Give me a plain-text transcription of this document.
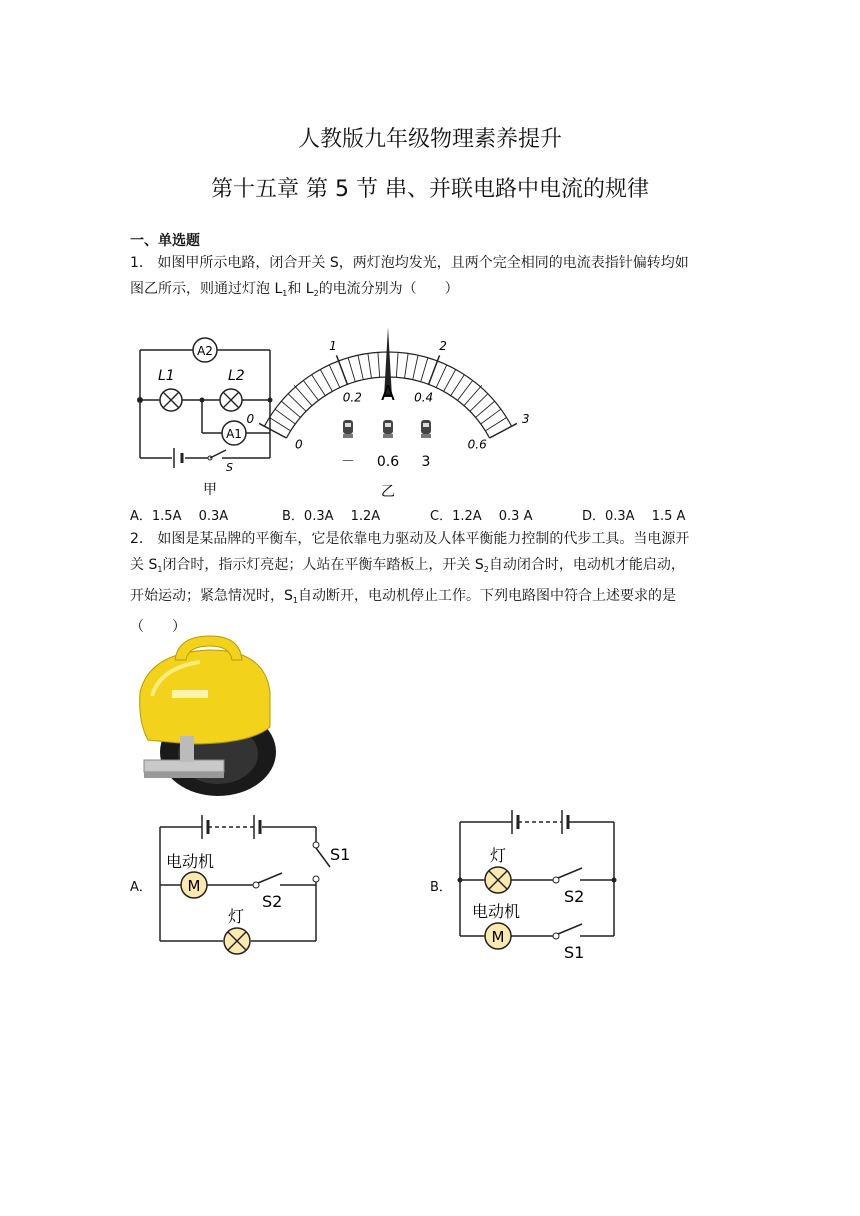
人教版九年级物理素养提升
第十五章 第 5 节 串、并联电路中电流的规律
一、单选题
1． 如图甲所示电路，闭合开关 S，两灯泡均发光，且两个完全相同的电流表指针偏转均如
图乙所示，则通过灯泡 $L_1$和 $L_2$的电流分别为（　　）
S
A2
A1
L1	L2
甲
0
1	2
3
0
0.2	0.4
0.6
A
－ 0.6 3
乙
A．1.5A　 0.3A	B．0.3A　 1.2A	C．1.2A　 0.3 A	D．0.3A　 1.5 A
2． 如图是某品牌的平衡车，它是依靠电力驱动及人体平衡能力控制的代步工具。当电源开
关 $S_1$闭合时，指示灯亮起；人站在平衡车踏板上，开关 $S_2$自动闭合时，电动机才能启动，
开始运动；紧急情况时，$S_1$自动断开，电动机停止工作。下列电路图中符合上述要求的是
（　　）
A．
S1
M
电动机
S2
灯
B．
灯
S2
M
电动机
S1
